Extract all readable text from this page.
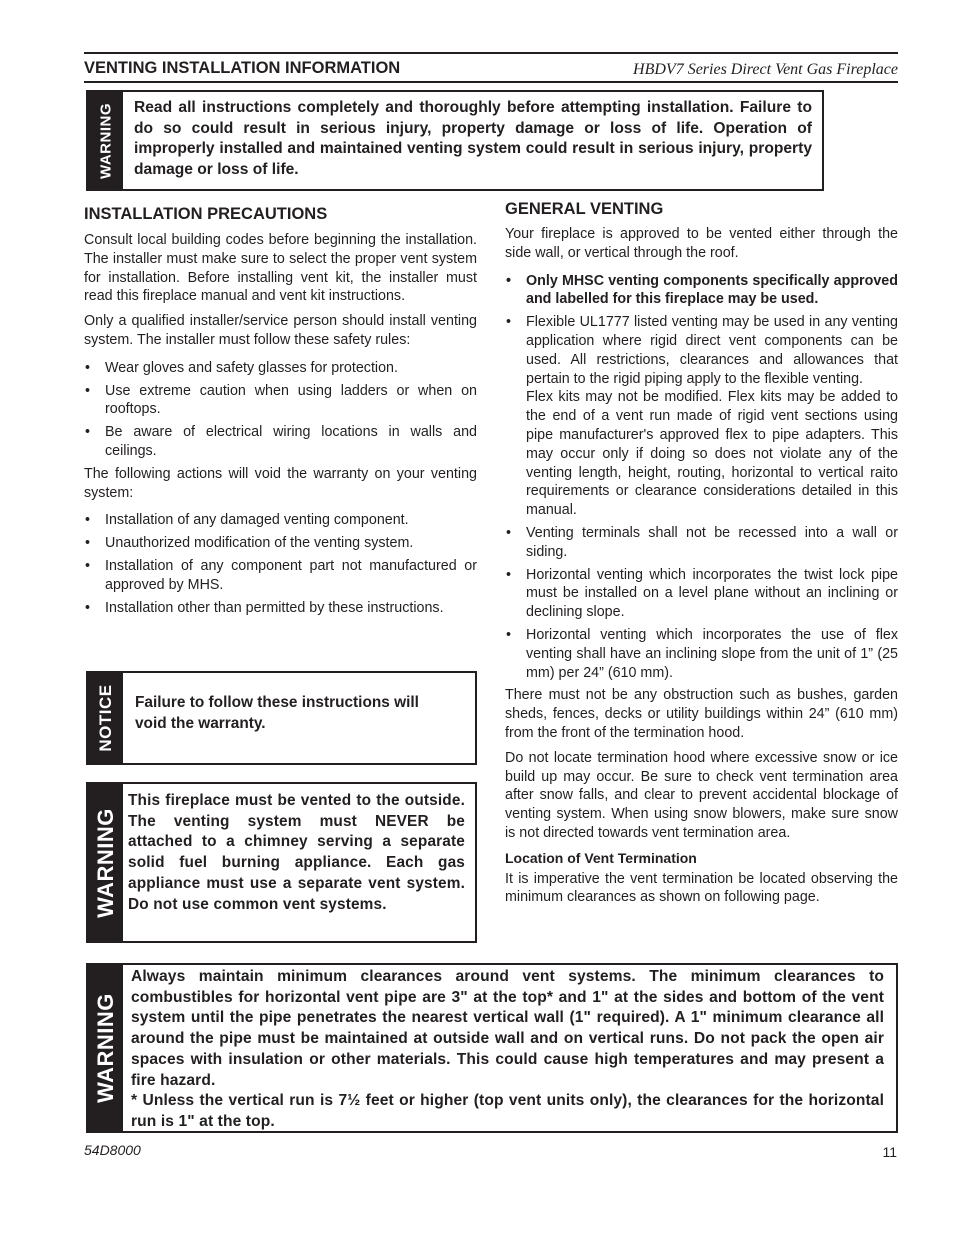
VENTING INSTALLATION INFORMATION	HBDV7 Series Direct Vent Gas Fireplace
WARNING Read all instructions completely and thoroughly before attempting installation. Failure to do so could result in serious injury, property damage or loss of life. Operation of improperly installed and maintained venting system could result in serious injury, property damage or loss of life.
INSTALLATION PRECAUTIONS

Consult local building codes before beginning the installation. The installer must make sure to select the proper vent system for installation. Before installing vent kit, the installer must read this fireplace manual and vent kit instructions.

Only a qualified installer/service person should install venting system. The installer must follow these safety rules:

• Wear gloves and safety glasses for protection.
• Use extreme caution when using ladders or when on rooftops.
• Be aware of electrical wiring locations in walls and ceilings.

The following actions will void the warranty on your venting system:

• Installation of any damaged venting component.
• Unauthorized modification of the venting system.
• Installation of any component part not manufactured or approved by MHS.
• Installation other than permitted by these instructions.
NOTICE Failure to follow these instructions will void the warranty.
WARNING
This fireplace must be vented to the outside. The venting system must NEVER be attached to a chimney serving a separate solid fuel burning appliance. Each gas appliance must use a separate vent system. Do not use common vent systems.
GENERAL VENTING

Your fireplace is approved to be vented either through the side wall, or vertical through the roof.

• Only MHSC venting components specifically approved and labelled for this fireplace may be used.
• Flexible UL1777 listed venting may be used in any venting application where rigid direct vent components can be used. All restrictions, clearances and allowances that pertain to the rigid piping apply to the flexible venting.
Flex kits may not be modified. Flex kits may be added to the end of a vent run made of rigid vent sections using pipe manufacturer's approved flex to pipe adapters. This may occur only if doing so does not violate any of the venting length, height, routing, horizontal to vertical raito requirements or clearance considerations detailed in this manual.
• Venting terminals shall not be recessed into a wall or siding.
• Horizontal venting which incorporates the twist lock pipe must be installed on a level plane without an inclining or declining slope.
• Horizontal venting which incorporates the use of flex venting shall have an inclining slope from the unit of 1” (25 mm) per 24” (610 mm).

There must not be any obstruction such as bushes, garden sheds, fences, decks or utility buildings within 24” (610 mm) from the front of the termination hood.

Do not locate termination hood where excessive snow or ice build up may occur. Be sure to check vent termination area after snow falls, and clear to prevent accidental blockage of venting system. When using snow blowers, make sure snow is not directed towards vent termination area.

Location of Vent Termination

It is imperative the vent termination be located observing the minimum clearances as shown on following page.

WARNING
Always maintain minimum clearances around vent systems. The minimum clearances to combustibles for horizontal vent pipe are 3" at the top* and 1" at the sides and bottom of the vent system until the pipe penetrates the nearest vertical wall (1" required). A 1" minimum clearance all around the pipe must be maintained at outside wall and on vertical runs. Do not pack the open air spaces with insulation or other materials. This could cause high temperatures and may present a fire hazard.
* Unless the vertical run is 7½ feet or higher (top vent units only), the clearances for the horizontal run is 1" at the top.
54D8000	11
